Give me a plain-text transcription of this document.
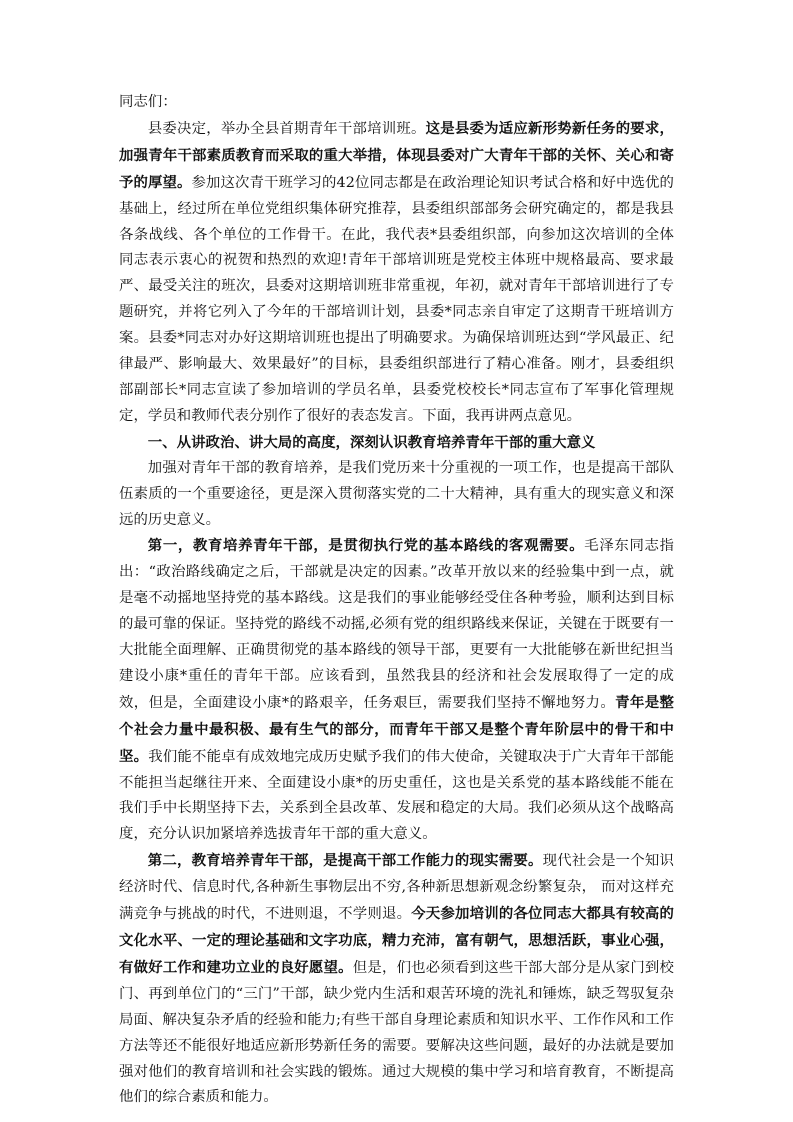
同志们：

县委决定，举办全县首期青年干部培训班。这是县委为适应新形势新任务的要求，加强青年干部素质教育而采取的重大举措，体现县委对广大青年干部的关怀、关心和寄予的厚望。参加这次青干班学习的42位同志都是在政治理论知识考试合格和好中选优的基础上，经过所在单位党组织集体研究推荐，县委组织部部务会研究确定的，都是我县各条战线、各个单位的工作骨干。在此，我代表*县委组织部，向参加这次培训的全体同志表示衷心的祝贺和热烈的欢迎!青年干部培训班是党校主体班中规格最高、要求最严、最受关注的班次，县委对这期培训班非常重视，年初，就对青年干部培训进行了专题研究，并将它列入了今年的干部培训计划，县委*同志亲自审定了这期青干班培训方案。县委*同志对办好这期培训班也提出了明确要求。为确保培训班达到“学风最正、纪律最严、影响最大、效果最好”的目标，县委组织部进行了精心准备。刚才，县委组织部副部长*同志宣读了参加培训的学员名单，县委党校校长*同志宣布了军事化管理规定，学员和教师代表分别作了很好的表态发言。下面，我再讲两点意见。

一、从讲政治、讲大局的高度，深刻认识教育培养青年干部的重大意义

加强对青年干部的教育培养，是我们党历来十分重视的一项工作，也是提高干部队伍素质的一个重要途径，更是深入贯彻落实党的二十大精神，具有重大的现实意义和深远的历史意义。

第一，教育培养青年干部，是贯彻执行党的基本路线的客观需要。毛泽东同志指出：“政治路线确定之后，干部就是决定的因素。”改革开放以来的经验集中到一点，就是毫不动摇地坚持党的基本路线。这是我们的事业能够经受住各种考验，顺利达到目标的最可靠的保证。坚持党的路线不动摇,必须有党的组织路线来保证，关键在于既要有一大批能全面理解、正确贯彻党的基本路线的领导干部，更要有一大批能够在新世纪担当建设小康*重任的青年干部。应该看到，虽然我县的经济和社会发展取得了一定的成效，但是，全面建设小康*的路艰辛，任务艰巨，需要我们坚持不懈地努力。青年是整个社会力量中最积极、最有生气的部分，而青年干部又是整个青年阶层中的骨干和中坚。我们能不能卓有成效地完成历史赋予我们的伟大使命，关键取决于广大青年干部能不能担当起继往开来、全面建设小康*的历史重任，这也是关系党的基本路线能不能在我们手中长期坚持下去，关系到全县改革、发展和稳定的大局。我们必须从这个战略高度，充分认识加紧培养选拔青年干部的重大意义。

第二，教育培养青年干部，是提高干部工作能力的现实需要。现代社会是一个知识经济时代、信息时代,各种新生事物层出不穷,各种新思想新观念纷繁复杂， 而对这样充满竞争与挑战的时代，不进则退，不学则退。今天参加培训的各位同志大都具有较高的文化水平、一定的理论基础和文字功底，精力充沛，富有朝气，思想活跃，事业心强，有做好工作和建功立业的良好愿望。但是，们也必须看到这些干部大部分是从家门到校门、再到单位门的“三门”干部，缺少党内生活和艰苦环境的洗礼和锤炼，缺乏驾驭复杂局面、解决复杂矛盾的经验和能力;有些干部自身理论素质和知识水平、工作作风和工作方法等还不能很好地适应新形势新任务的需要。要解决这些问题，最好的办法就是要加强对他们的教育培训和社会实践的锻炼。通过大规模的集中学习和培育教育，不断提高他们的综合素质和能力。
